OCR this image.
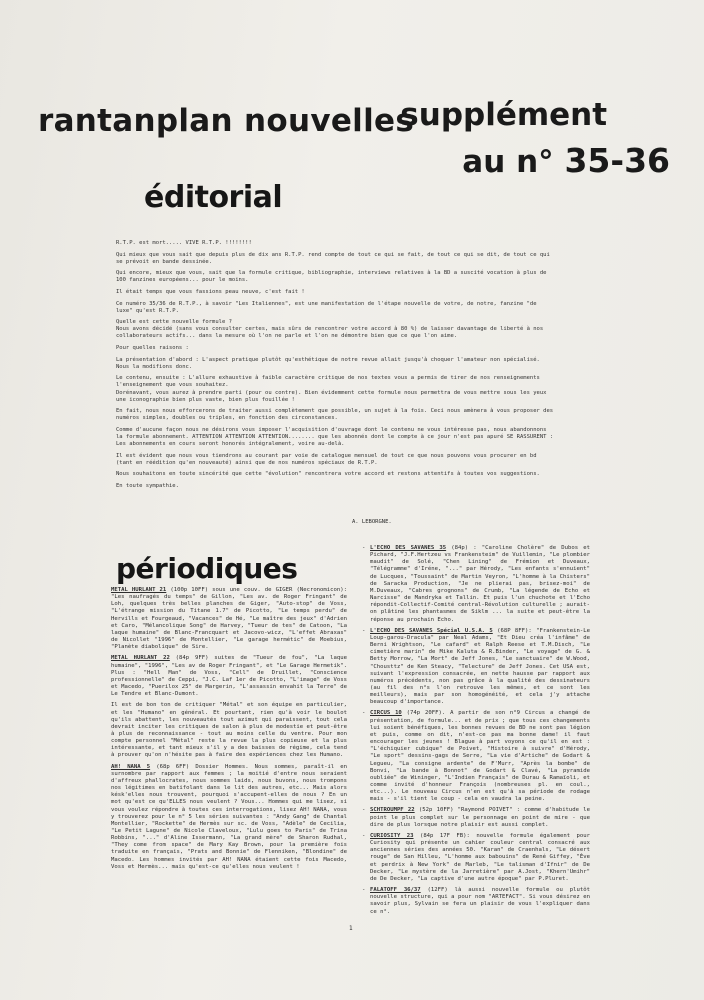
rantanplan nouvelles
supplément
au n° 35-36
éditorial

R.T.P. est mort..... VIVE R.T.P. !!!!!!!!

Qui mieux que vous sait que depuis plus de dix ans R.T.P. rend compte de tout ce qui se fait, de tout ce qui se dit, de tout ce qui se prévoit en bande dessinée.

Qui encore, mieux que vous, sait que la formule critique, bibliographie, interviews relatives à la BD a suscité vocation à plus de 100 fanzines européens... pour le moins.

Il était temps que vous fassions peau neuve, c'est fait !

Ce numéro 35/36 de R.T.P., à savoir "Les Italiennes", est une manifestation de l'étape nouvelle de votre, de notre, fanzine "de luxe" qu'est R.T.P.

Quelle est cette nouvelle formule ?

Nous avons décidé (sans vous consulter certes, mais sûrs de rencontrer votre accord à 80 %) de laisser davantage de liberté à nos collaborateurs actifs... dans la mesure où l'on ne parle et l'on ne démontre bien que ce que l'on aime.

Pour quelles raisons :

La présentation d'abord : L'aspect pratique plutôt qu'esthétique de notre revue allait jusqu'à choquer l'amateur non spécialisé. Nous la modifions donc.

Le contenu, ensuite : L'allure exhaustive à faible caractère critique de nos textes vous a permis de tirer de nos renseignements l'enseignement que vous souhaitez.

Dorénavant, vous aurez à prendre parti (pour ou contre). Bien évidemment cette formule nous permettra de vous mettre sous les yeux une iconographie bien plus vaste, bien plus fouillée !

En fait, nous nous efforcerons de traiter aussi complètement que possible, un sujet à la fois. Ceci nous amènera à vous proposer des numéros simples, doubles ou triples, en fonction des circonstances.

Comme d'aucune façon nous ne désirons vous imposer l'acquisition d'ouvrage dont le contenu ne vous intéresse pas, nous abandonnons la formule abonnement. ATTENTION ATTENTION ATTENTION........ que les abonnés dont le compte à ce jour n'est pas apuré SE RASSURENT : Les abonnements en cours seront honorés intégralement, voire au-delà.

Il est évident que nous vous tiendrons au courant par voie de catalogue mensuel de tout ce que nous pouvons vous procurer en bd (tant en réédition qu'en nouveauté) ainsi que de nos numéros spéciaux de R.T.P.

Nous souhaitons en toute sincérité que cette "évolution" rencontrera votre accord et restons attentifs à toutes vos suggestions.

En toute sympathie.

A. LEBORGNE.
périodiques

METAL HURLANT 21 (100p 10FF) sous une couv. de GIGER (Necronomicon): "Les naufragés du temps" de Gillon, "Les av. de Roger Fringant" de Loh, quelques très belles planches de Giger, "Auto-stop" de Voss, "L'étrange mission du Titane 1.7" de Picotto, "Le temps perdu" de Hervills et Fourgeaud, "Vacances" de Hé, "Le maître des jeux" d'Adrien et Caro, "Mélancolique Song" de Harvey, "Tueur de tes" de Catoon, "La laque humaine" de Blanc-Francquart et Jacovo-wicz, "L'effet Abraxas" de Nicollet "1996" de Montellier, "Le garage hermétic" de Moebius, "Planète diabolique" de Sire.

METAL HURLANT 22 (84p 9FF) suites de "Tueur de fou", "La laque humaine", "1996", "Les av de Roger Fringant", et "Le Garage Hermetik". Plus : "Hell Man" de Voss, "Cell" de Druillet, "Conscience professionnelle" de Ceppi, "J.C. Laf 1er de Picotto, "L'image" de Voss et Macedo, "Puerilox 25" de Margerin, "L'assassin envahit la Terre" de Le Tendre et Blanc-Dumont.

Il est de bon ton de critiquer "Métal" et son équipe en particulier, et les "Humano" en général. Et pourtant, rien qu'à voir le boulot qu'ils abattent, les nouveautés tout azimut qui paraissent, tout cela devrait inciter les critiques de salon à plus de modestie et peut-être à plus de reconnaissance - tout au moins celle du ventre. Pour mon compte personnel "Métal" reste la revue la plus copieuse et la plus intéressante, et tant mieux s'il y a des baisses de régime, cela tend à prouver qu'on n'hésite pas à faire des expériences chez les Humano.

AH! NANA 5 (68p 6FF) Dossier Hommes. Nous sommes, paraît-il en surnombre par rapport aux femmes ; la moitié d'entre nous seraient d'affreux phallocrates, nous sommes laids, nous buvons, nous trompons nos légitimes en batifolant dans le lit des autres, etc... Mais alors késk'elles nous trouvent, pourquoi s'accupent-elles de nous ? En un mot qu'est ce qu'ELLES nous veulent ? Vous... Hommes qui me lisez, si vous voulez répondre à toutes ces interrogations, lisez AH! NANA, vous y trouverez pour le n° 5 les séries suivantes : "Andy Gang" de Chantal Montellier, "Rockette" de Hermès sur sc. de Voss, "Adèle" de Cecilia, "Le Petit Lagune" de Nicole Claveloux, "Lulu goes to Paris" de Trina Robbins, "..." d'Aline Issermann, "La grand mère" de Sharon Rudhal, "They come from space" de Mary Kay Brown, pour la première fois traduite en français, "Prats and Bonnie" de Flenniken, "Blondine" de Macedo. Les hommes invités par AH! NANA étaient cette fois Macedo, Voss et Hermès... mais qu'est-ce qu'elles nous veulent !

- L'ECHO DES SAVANES 35 (84p) : "Caroline Cholère" de Dubos et Pichard, "J.F.Hertzeu vs Frankensteim" de Vuillemin, "Le plombier maudit" de Solé, "Chen Lining" de Frémion et Duveaux, "Télégramme" d'Iréne, "..." par Hérody, "Les enfants s'ennuient" de Lucques, "Toussaint" de Martin Veyron, "L'homme à la Chisters" de Saracka Production, "Je ne plierai pas, brisez-moi" de M.Duveaux, "Cabres grognons" de Crumb, "La légende de Echo et Narcisse" de Mandryka et Tallin. Et puis l'un chuchote et l'Echo répondit-Collectif-Comité central-Révolution culturelle ; aurait-on plâtiné les phantasmes de Siklm ... la suite et peut-être la réponse au prochain Echo.

- L'ECHO DES SAVANES Spécial U.S.A. 5 (68P 8FF): "Frankenstein-Le Loup-garou-Dracula" par Neal Adams, "Et Dieu créa l'infâme" de Berni Wrightson, "Le cafard" et Ralph Reese et T.M.Disch, "Le cimetière marin" de Mike Kaluta & R.Binder, "Le voyage" de G. & Betty Morrow, "La Mort" de Jeff Jones, "Le sanctuaire" de W.Wood, "Chousttz" de Ken Steacy, "Telecture" de Jeff Jones. Cet USA est, suivant l'expression consacrée, en nette hausse par rapport aux numéros précédents, non pas grâce à la qualité des dessinateurs (au fil des n°s l'on retrouve les mêmes, et ce sont les meilleurs), mais par son homogénéité, et cela j'y attache beaucoup d'importance.

- CIRCUS 10 (74p 20FF). A partir de son n°9 Circus a changé de présentation, de formule... et de prix ; que tous ces changements lui soient bénéfiques, les bonnes revues de BD ne sont pas légion et puis, comme on dit, n'est-ce pas ma bonne dame! il faut encourager les jeunes ! Blague à part voyons ce qu'il en est : "L'échiquier cubique" de Poivet, "Histoire à suivre" d'Hérody, "Le sport" dessins-gags de Serre, "La vie d'Artiche" de Godart & Legueu, "La consigne ardente" de F'Murr, "Après la bombe" de Bonvi, "La bande à Bonnot" de Godart & Clavé, "La pyramide oubliée" de Wininger, "L'Indien Français" de Durau & Ramaïoli, et comme invité d'honneur François (nombreuses pl. en coul., etc...). Le nouveau Circus n'en est qu'à sa période de rodage mais - s'il tient le coup - cela en vaudra la peine.

- SCHTROUMPF 22 (52p 10FF) "Raymond POIVET" : comme d'habitude le point le plus complet sur le personnage en point de mire - que dire de plus lorsque notre plaisir est aussi complet.

- CURIOSITY 23 (84p 17F FB): nouvelle formule également pour Curiosity qui présente un cahier couleur central consacré aux anciennes séries des années 50. "Karan" de Craenhals, "Le désert rouge" de San Hilleu, "L'homme aux babouins" de René Giffey, "Ève et perdrix à New York" de Marleb, "Le talisman d'Ifnir" de De Decker, "Le mystère de la Jarretière" par A.Jost, "Khern'Umihr" de De Decker, "La captive d'une autre époque" par P.Pluret.

- FALATOFF 36/37 (12FF) là aussi nouvelle formule ou plutôt nouvelle structure, qui a pour nom "ARTEFACT". Si vous désirez en savoir plus, Sylvain se fera un plaisir de vous l'expliquer dans ce n°.

1
